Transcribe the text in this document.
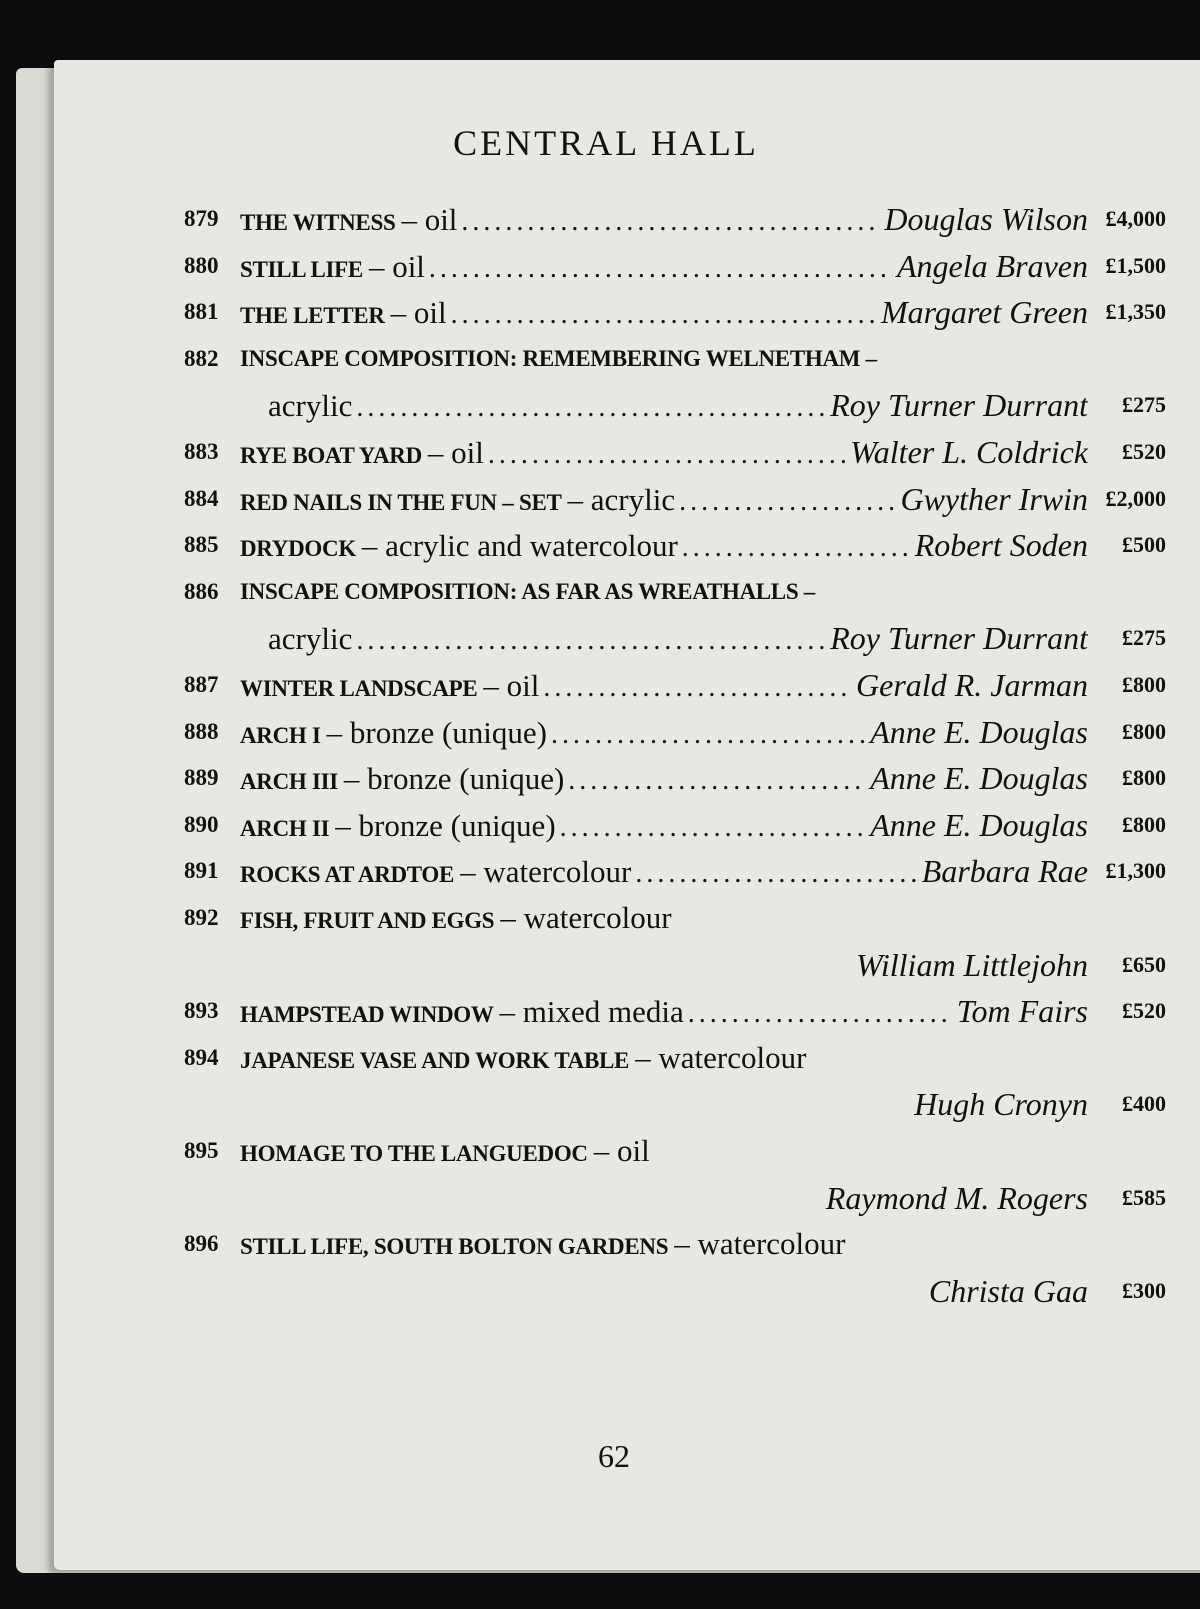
CENTRAL HALL
879 THE WITNESS – oil .....	Douglas Wilson £4,000
880 STILL LIFE – oil .....	Angela Braven £1,500
881 THE LETTER – oil .....	Margaret Green £1,350
882 INSCAPE COMPOSITION: REMEMBERING WELNETHAM –
acrylic .....	Roy Turner Durrant	£275
883 RYE BOAT YARD – oil .....	Walter L. Coldrick	£520
884 RED NAILS IN THE FUN – SET – acrylic .....	Gwyther Irwin £2,000
885 DRYDOCK – acrylic and watercolour .....	Robert Soden	£500
886 INSCAPE COMPOSITION: AS FAR AS WREATHALLS –
acrylic .....	Roy Turner Durrant	£275
887 WINTER LANDSCAPE – oil .....	Gerald R. Jarman	£800
888 ARCH I – bronze (unique) .....	Anne E. Douglas	£800
889 ARCH III – bronze (unique) .....	Anne E. Douglas	£800
890 ARCH II – bronze (unique) .....	Anne E. Douglas	£800
891 ROCKS AT ARDTOE – watercolour .....	Barbara Rae £1,300
892 FISH, FRUIT AND EGGS – watercolour
William Littlejohn	£650
893 HAMPSTEAD WINDOW – mixed media .....	Tom Fairs	£520
894 JAPANESE VASE AND WORK TABLE – watercolour
Hugh Cronyn	£400
895 HOMAGE TO THE LANGUEDOC – oil
Raymond M. Rogers	£585
896 STILL LIFE, SOUTH BOLTON GARDENS – watercolour
Christa Gaa	£300
62
